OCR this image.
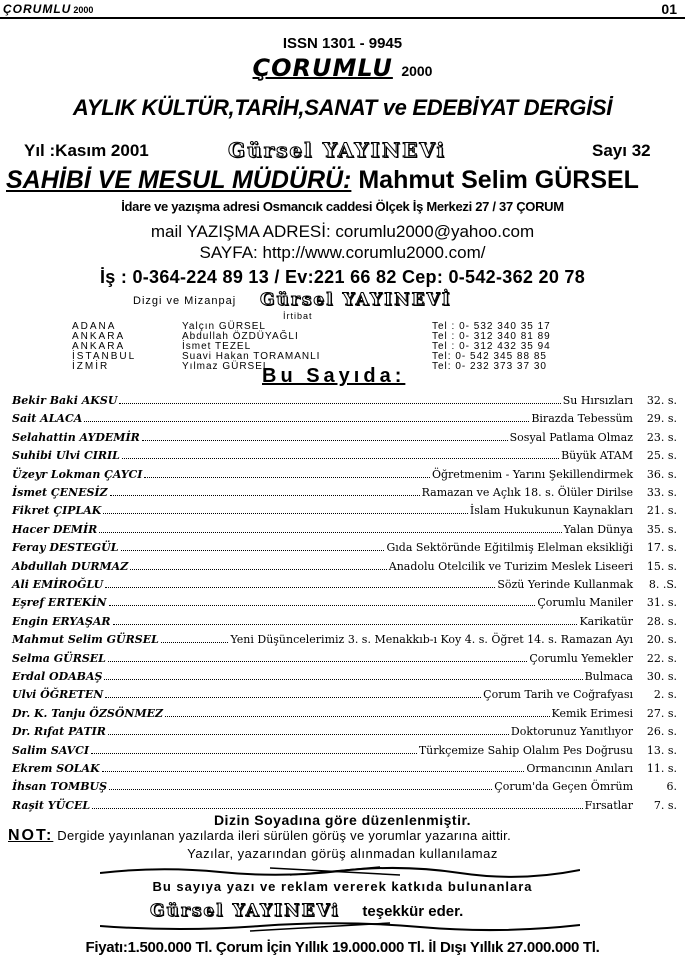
ÇORUMLU 2000	01
ISSN 1301 - 9945
ÇORUMLU 2000
AYLIK KÜLTÜR,TARİH,SANAT ve EDEBİYAT DERGİSİ
Yıl :Kasım 2001	Gürsel YAYINEVi	Sayı 32
SAHİBİ VE MESUL MÜDÜRÜ: Mahmut Selim GÜRSEL
İdare ve yazışma adresi Osmancık caddesi Ölçek İş Merkezi 27 / 37 ÇORUM
mail YAZIŞMA ADRESİ: corumlu2000@yahoo.com
SAYFA: http://www.corumlu2000.com/
İş : 0-364-224 89 13 / Ev:221 66 82 Cep: 0-542-362 20 78
Dizgi ve Mizanpaj Gürsel YAYINEVİ
İrtibat
ADANA	Yalçın GÜRSEL	Tel : 0- 532 340 35 17
ANKARA	Abdullah ÖZDÜYAĞLI	Tel : 0- 312 340 81 89
ANKARA	İsmet TEZEL	Tel : 0- 312 432 35 94
İSTANBUL	Suavi Hakan TORAMANLI	Tel: 0- 542 345 88 85
İZMİR	Yılmaz GÜRSEL	Tel: 0- 232 373 37 30
Bu Sayıda:
Bekir Baki AKSU	Su Hırsızları	32. s.
Sait ALACA	Birazda Tebessüm	29. s.
Selahattin AYDEMİR	Sosyal Patlama Olmaz	23. s.
Suhibi Ulvi CIRIL	Büyük ATAM	25. s.
Üzeyr Lokman ÇAYCI	Öğretmenim - Yarını Şekillendirmek	36. s.
İsmet ÇENESİZ	Ramazan ve Açlık 18. s. Ölüler Dirilse	33. s.
Fikret ÇIPLAK	İslam Hukukunun Kaynakları	21. s.
Hacer DEMİR	Yalan Dünya	35. s.
Feray DESTEGÜL	Gıda Sektöründe Eğitilmiş Elelman eksikliği	17. s.
Abdullah DURMAZ	Anadolu Otelcilik ve Turizim Meslek Liseeri	15. s.
Ali EMİROĞLU	Sözü Yerinde Kullanmak	8. .S.
Eşref ERTEKİN	Çorumlu Maniler	31. s.
Engin ERYAŞAR	Karikatür	28. s.
Mahmut Selim GÜRSEL	Yeni Düşüncelerimiz 3. s. Menakkıb-ı Koy 4. s. Öğret 14. s. Ramazan Ayı	20. s.
Selma GÜRSEL	Çorumlu Yemekler	22. s.
Erdal ODABAŞ	Bulmaca	30. s.
Ulvi ÖĞRETEN	Çorum Tarih ve Coğrafyası	2. s.
Dr. K. Tanju ÖZSÖNMEZ	Kemik Erimesi	27. s.
Dr. Rıfat PATIR	Doktorunuz Yanıtlıyor	26. s.
Salim SAVCI	Türkçemize Sahip Olalım Pes Doğrusu	13. s.
Ekrem SOLAK	Ormancının Anıları	11. s.
İhsan TOMBUŞ	Çorum'da Geçen Ömrüm	6.
Raşit YÜCEL	Fırsatlar	7. s.
Dizin Soyadına göre düzenlenmiştir.
NOT: Dergide yayınlanan yazılarda ileri sürülen görüş ve yorumlar yazarına aittir.
Yazılar, yazarından görüş alınmadan kullanılamaz
Bu sayıya yazı ve reklam vererek katkıda bulunanlara
Gürsel YAYINEVi teşekkür eder.
Fiyatı:1.500.000 Tl. Çorum İçin Yıllık 19.000.000 Tl. İl Dışı Yıllık 27.000.000 Tl.
